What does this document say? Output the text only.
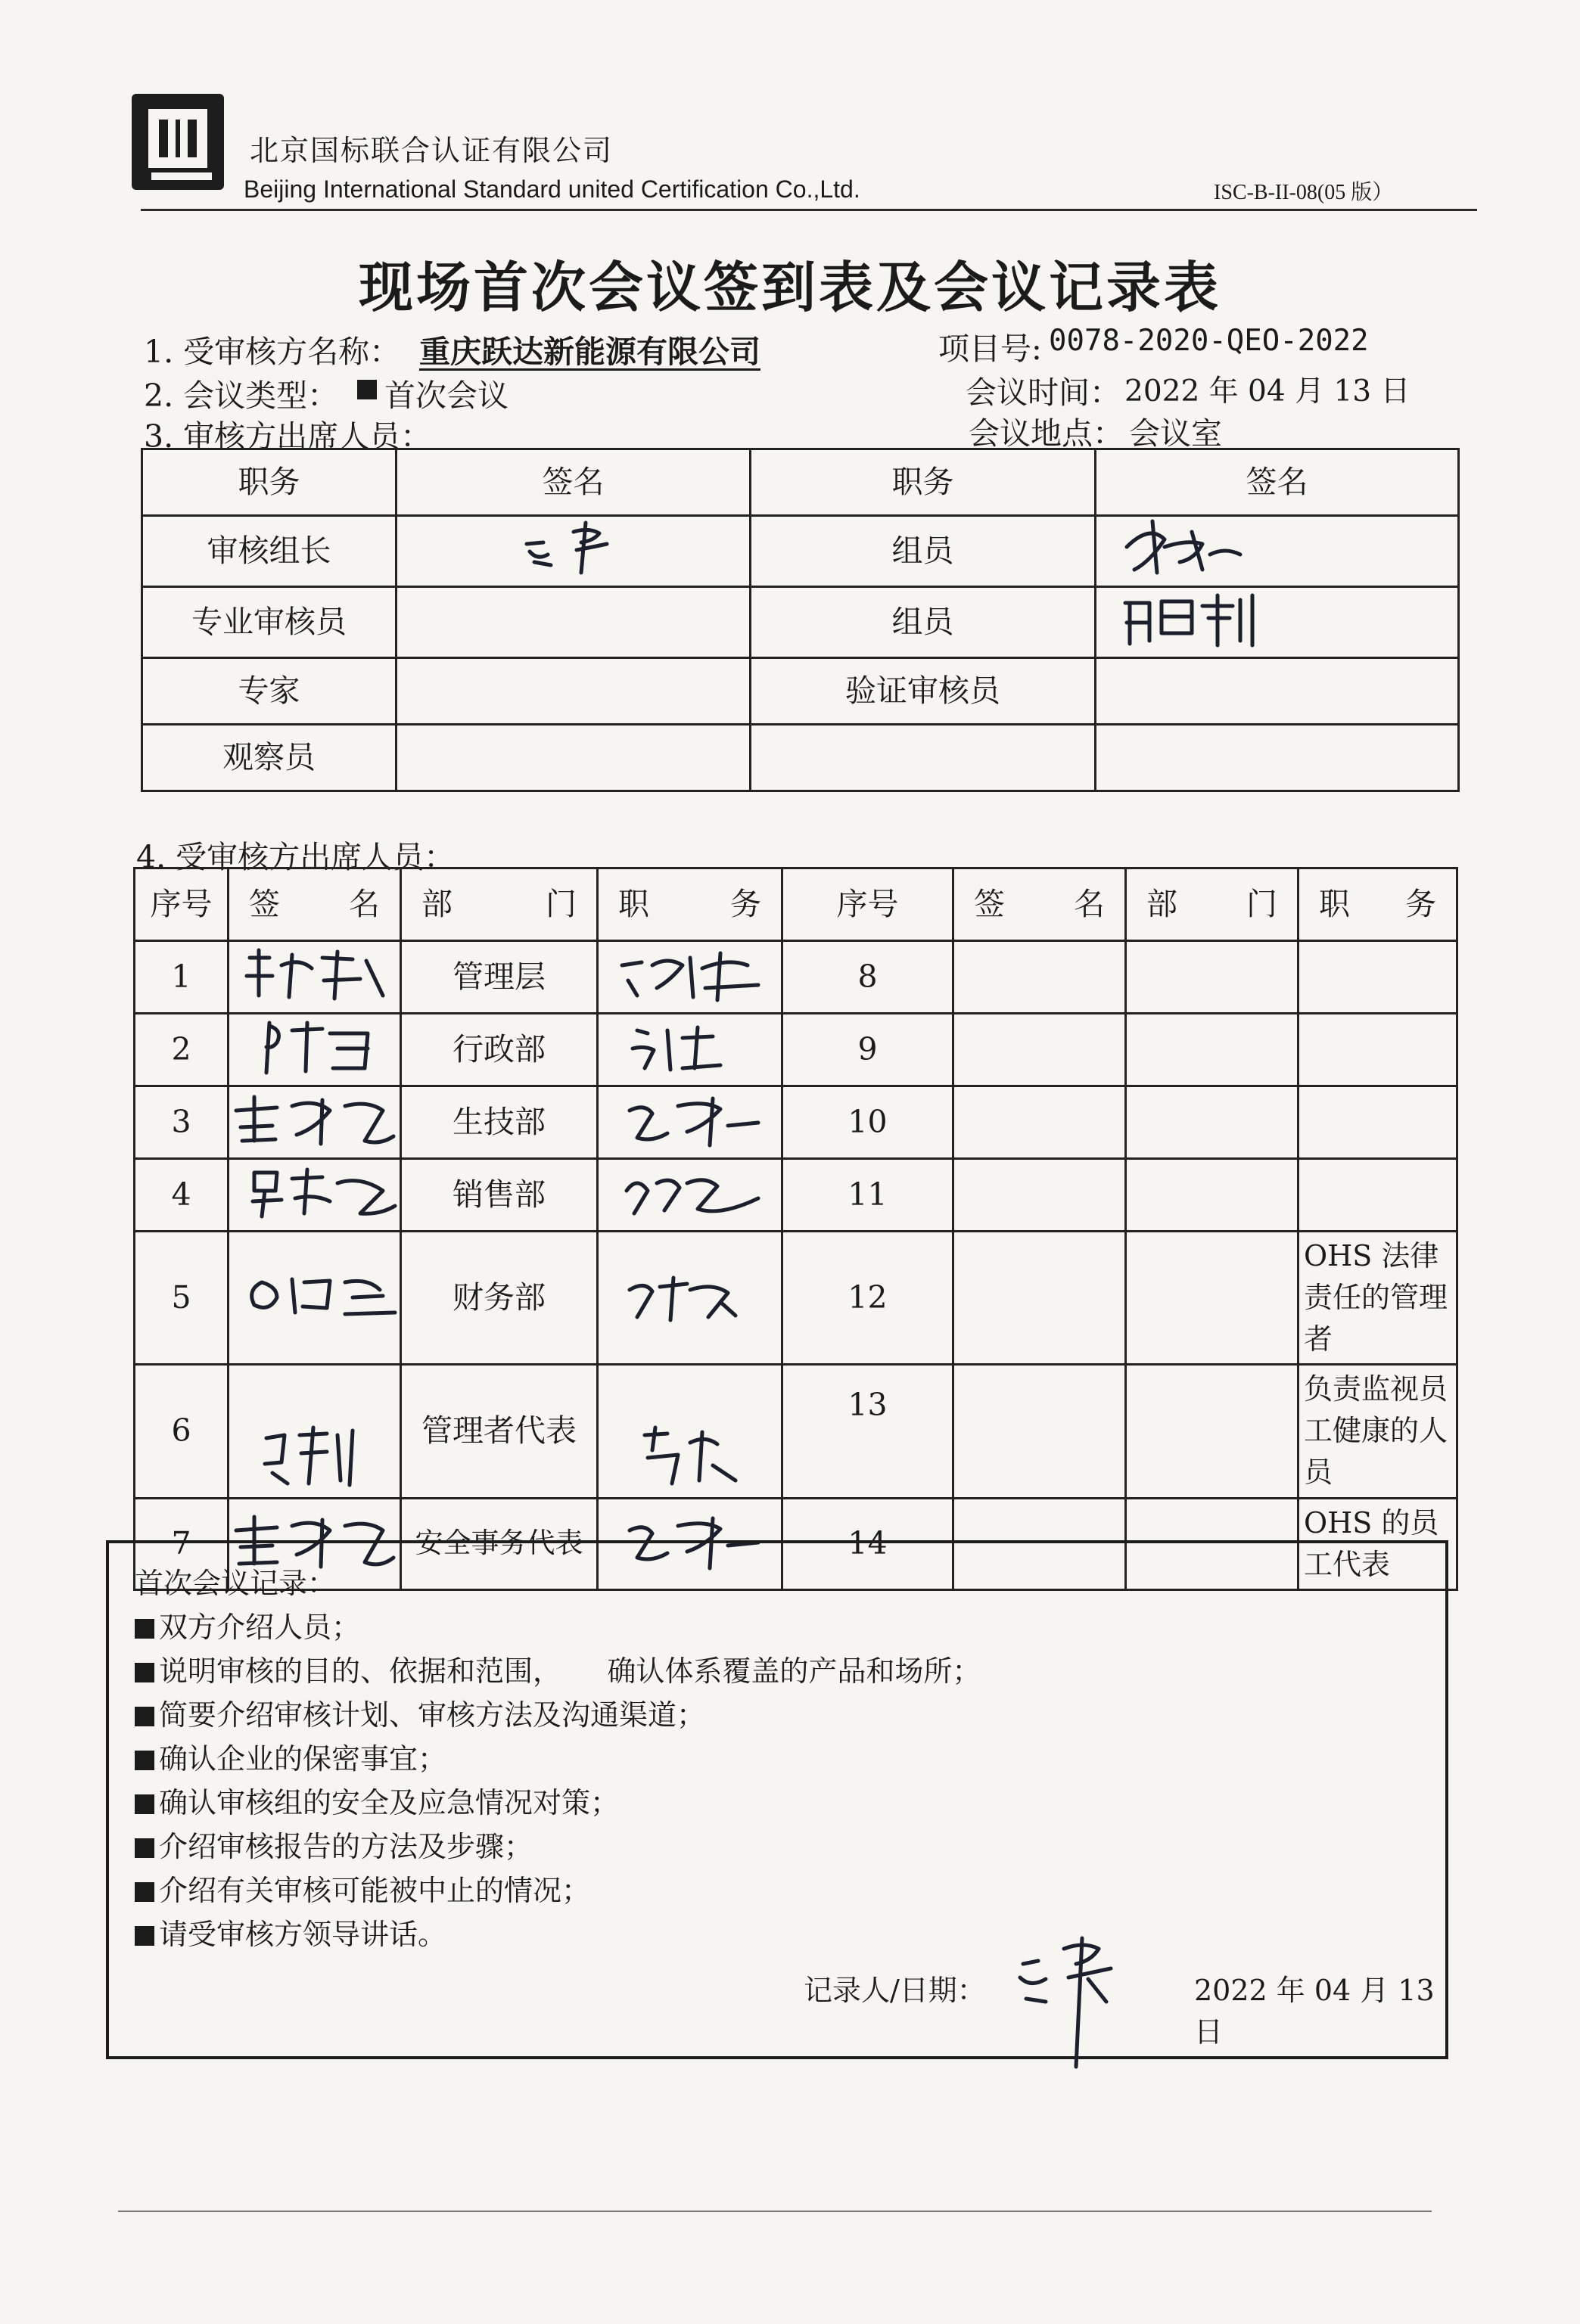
北京国标联合认证有限公司
Beijing International Standard united Certification Co.,Ltd.	ISC-B-II-08(05 版）
现场首次会议签到表及会议记录表
1. 受审核方名称： 重庆跃达新能源有限公司	项目号: 0078-2020-QEO-2022
2. 会议类型： 首次会议	会议时间： 2022 年 04 月 13 日
3. 审核方出席人员：	会议地点： 会议室
职务	签名	职务	签名
审核组长		组员	
专业审核员		组员	
专家		验证审核员	
观察员			
4. 受审核方出席人员：
序号	签 名	部 门	职 务	序号	签 名	部 门	职 务

1		管理层		8			
2		行政部		9			
3		生技部		10			
4		销售部		11			
5		财务部		12			OHS 法律责任的管理者
6		管理者代表		13			负责监视员工健康的人员
7		安全事务代表		14			OHS 的员工代表
首次会议记录：
双方介绍人员；
说明审核的目的、依据和范围，     确认体系覆盖的产品和场所；
简要介绍审核计划、审核方法及沟通渠道；
确认企业的保密事宜；
确认审核组的安全及应急情况对策；
介绍审核报告的方法及步骤；
介绍有关审核可能被中止的情况；
请受审核方领导讲话。
记录人/日期：	2022 年 04 月 13 日
